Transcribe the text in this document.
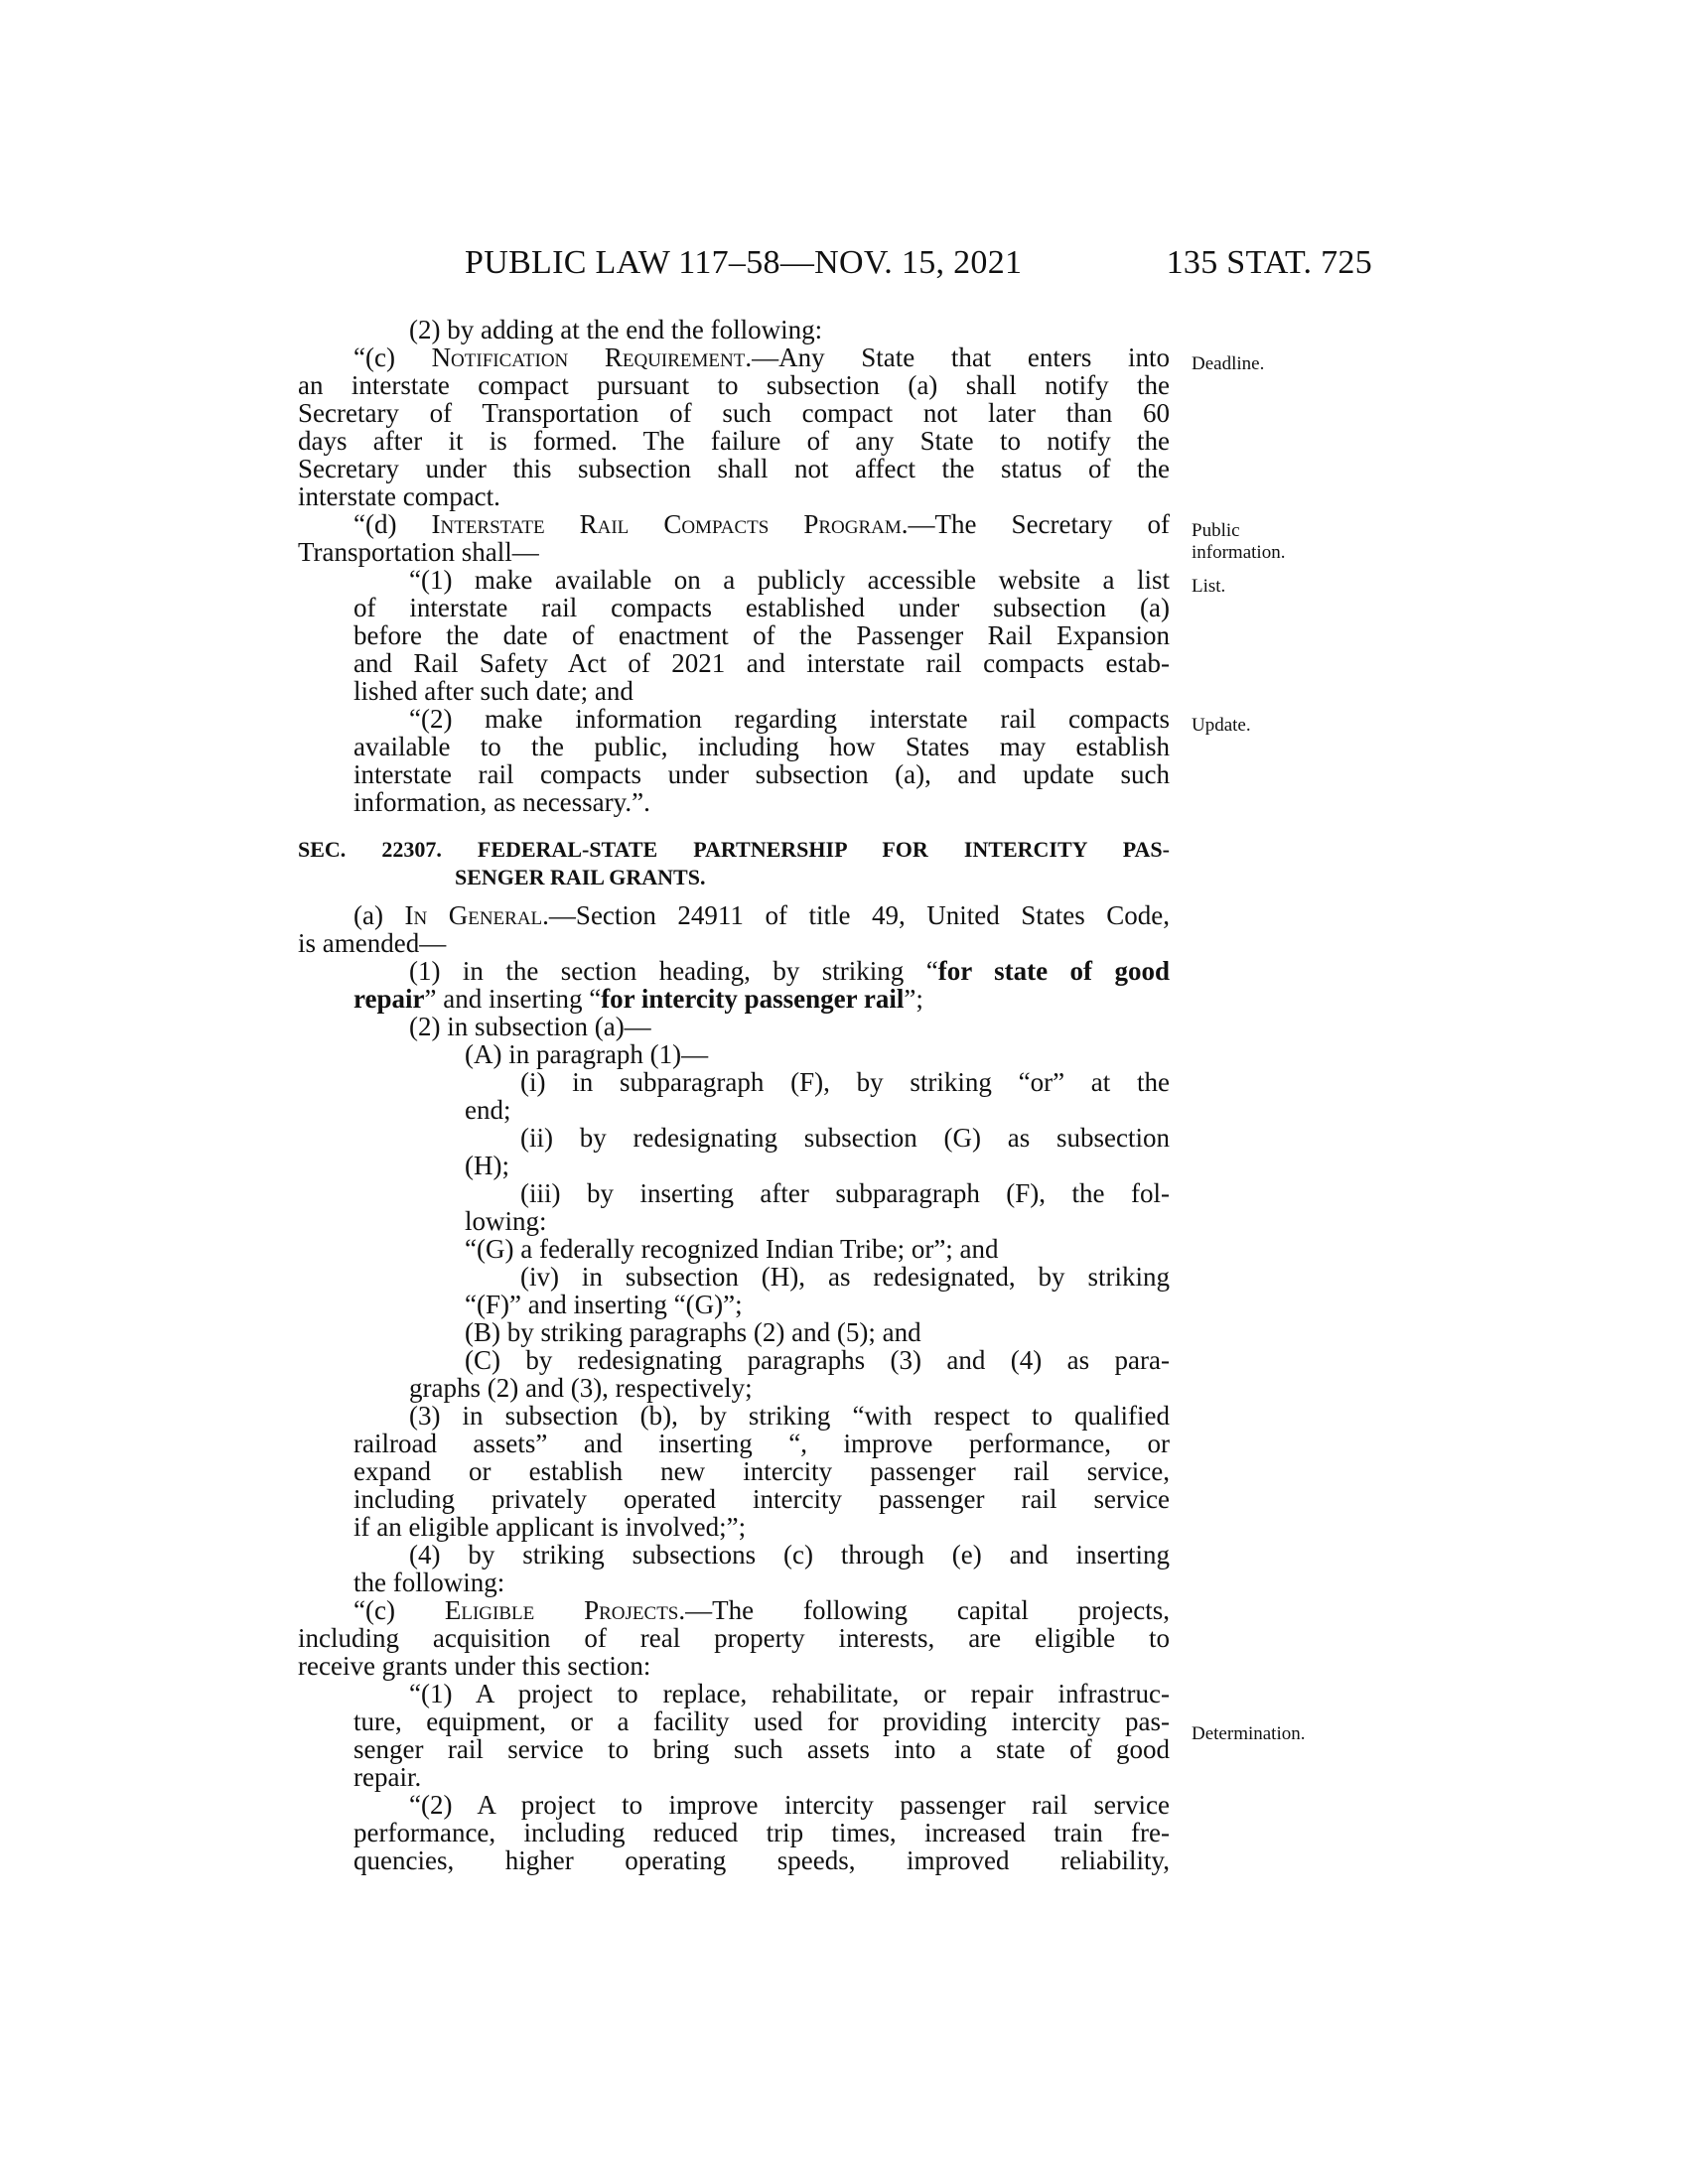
PUBLIC LAW 117–58—NOV. 15, 2021	135 STAT. 725
Deadline.
Public
information.
List.
Update.
Determination.
(2) by adding at the end the following:
“(c) Notification Requirement.—Any State that enters into
an interstate compact pursuant to subsection (a) shall notify the
Secretary of Transportation of such compact not later than 60
days after it is formed. The failure of any State to notify the
Secretary under this subsection shall not affect the status of the
interstate compact.
“(d) Interstate Rail Compacts Program.—The Secretary of
Transportation shall—
“(1) make available on a publicly accessible website a list
of interstate rail compacts established under subsection (a)
before the date of enactment of the Passenger Rail Expansion
and Rail Safety Act of 2021 and interstate rail compacts estab-
lished after such date; and
“(2) make information regarding interstate rail compacts
available to the public, including how States may establish
interstate rail compacts under subsection (a), and update such
information, as necessary.”.
SEC. 22307. FEDERAL-STATE PARTNERSHIP FOR INTERCITY PAS-
SENGER RAIL GRANTS.
(a) In General.—Section 24911 of title 49, United States Code,
is amended—
(1) in the section heading, by striking “for state of good
repair” and inserting “for intercity passenger rail”;
(2) in subsection (a)—
(A) in paragraph (1)—
(i) in subparagraph (F), by striking “or” at the
end;
(ii) by redesignating subsection (G) as subsection
(H);
(iii) by inserting after subparagraph (F), the fol-
lowing:
“(G) a federally recognized Indian Tribe; or”; and
(iv) in subsection (H), as redesignated, by striking
“(F)” and inserting “(G)”;
(B) by striking paragraphs (2) and (5); and
(C) by redesignating paragraphs (3) and (4) as para-
graphs (2) and (3), respectively;
(3) in subsection (b), by striking “with respect to qualified
railroad assets” and inserting “, improve performance, or
expand or establish new intercity passenger rail service,
including privately operated intercity passenger rail service
if an eligible applicant is involved;”;
(4) by striking subsections (c) through (e) and inserting
the following:
“(c) Eligible Projects.—The following capital projects,
including acquisition of real property interests, are eligible to
receive grants under this section:
“(1) A project to replace, rehabilitate, or repair infrastruc-
ture, equipment, or a facility used for providing intercity pas-
senger rail service to bring such assets into a state of good
repair.
“(2) A project to improve intercity passenger rail service
performance, including reduced trip times, increased train fre-
quencies, higher operating speeds, improved reliability,
